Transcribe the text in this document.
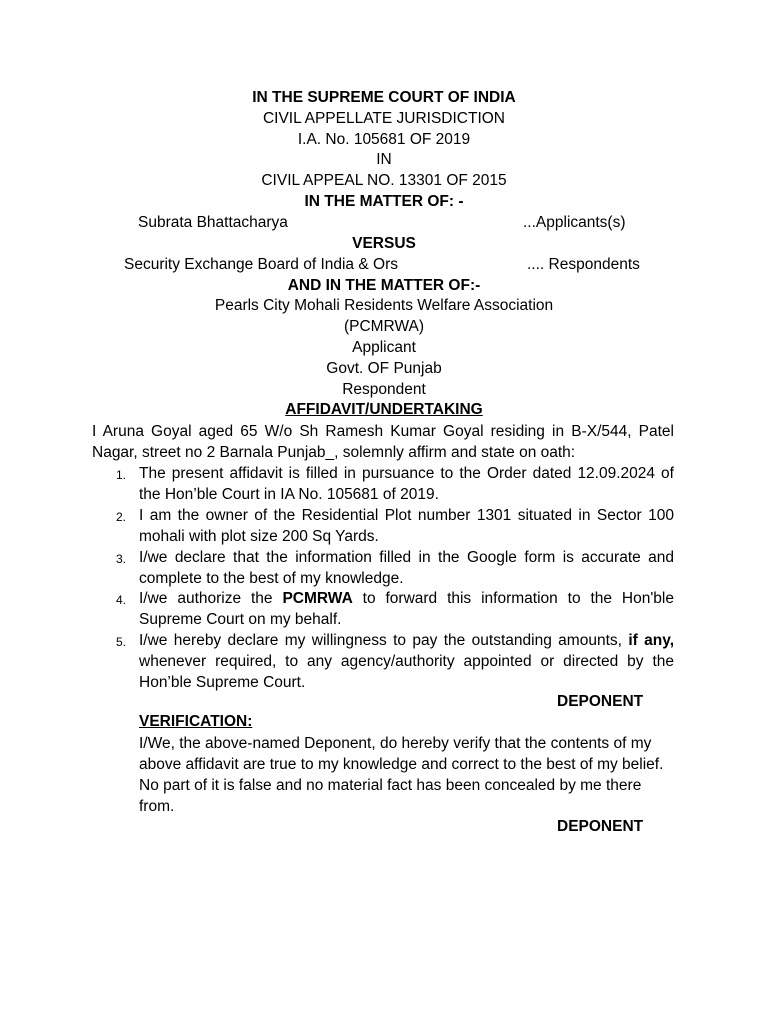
IN THE SUPREME COURT OF INDIA
CIVIL APPELLATE JURISDICTION
I.A. No. 105681 OF 2019
IN
CIVIL APPEAL NO. 13301 OF 2015
IN THE MATTER OF: -
Subrata Bhattacharya	...Applicants(s)
VERSUS
Security Exchange Board of India & Ors	.... Respondents
AND IN THE MATTER OF:-
Pearls City Mohali Residents Welfare Association
(PCMRWA)
Applicant
Govt. OF Punjab
Respondent
AFFIDAVIT/UNDERTAKING
I Aruna Goyal aged 65 W/o Sh Ramesh Kumar Goyal residing in B-X/544, Patel Nagar, street no 2 Barnala Punjab_, solemnly affirm and state on oath:
1. The present affidavit is filled in pursuance to the Order dated 12.09.2024 of the Hon’ble Court in IA No. 105681 of 2019.
2. I am the owner of the Residential Plot number 1301 situated in Sector 100 mohali with plot size 200 Sq Yards.
3. I/we declare that the information filled in the Google form is accurate and complete to the best of my knowledge.
4. I/we authorize the PCMRWA to forward this information to the Hon'ble Supreme Court on my behalf.
5. I/we hereby declare my willingness to pay the outstanding amounts, if any, whenever required, to any agency/authority appointed or directed by the Hon’ble Supreme Court.
DEPONENT
VERIFICATION:
I/We, the above-named Deponent, do hereby verify that the contents of my above affidavit are true to my knowledge and correct to the best of my belief. No part of it is false and no material fact has been concealed by me there from.
DEPONENT
